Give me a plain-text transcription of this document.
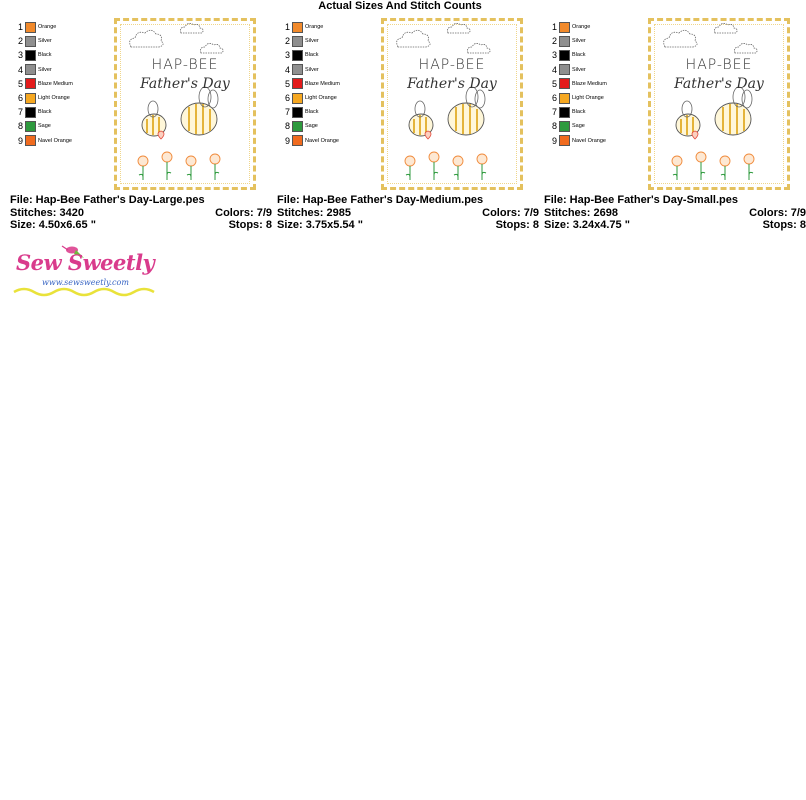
Actual Sizes And Stitch Counts
1	Orange
2	Silver
3	Black
4	Silver
5	Blaze Medium
6	Light Orange
7	Black
8	Sage
9	Navel Orange
HAP-BEE
Father's Day
File: Hap-Bee Father's Day-Large.pes
Stitches: 3420	Colors: 7/9
Size: 4.50x6.65 "	Stops: 8
1	Orange
2	Silver
3	Black
4	Silver
5	Blaze Medium
6	Light Orange
7	Black
8	Sage
9	Navel Orange
HAP-BEE
Father's Day
File: Hap-Bee Father's Day-Medium.pes
Stitches: 2985	Colors: 7/9
Size: 3.75x5.54 "	Stops: 8
1	Orange
2	Silver
3	Black
4	Silver
5	Blaze Medium
6	Light Orange
7	Black
8	Sage
9	Navel Orange
HAP-BEE
Father's Day
File: Hap-Bee Father's Day-Small.pes
Stitches: 2698	Colors: 7/9
Size: 3.24x4.75 "	Stops: 8
Sew Sweetly
www.sewsweetly.com
